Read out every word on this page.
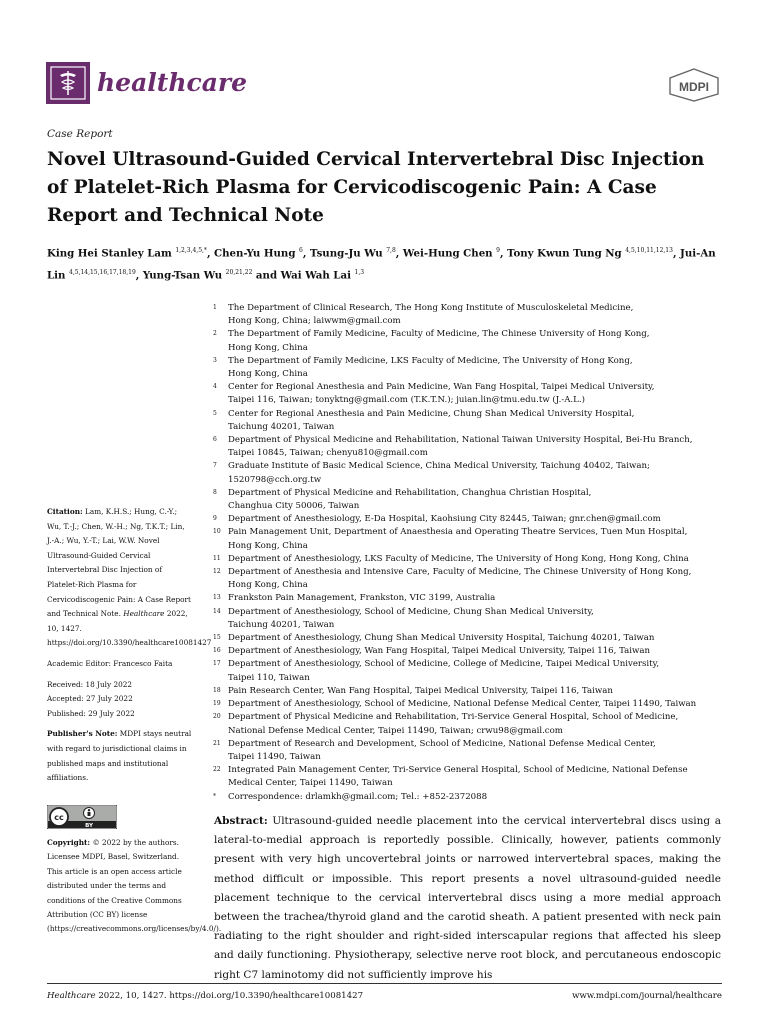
healthcare	MDPI
Case Report
Novel Ultrasound-Guided Cervical Intervertebral Disc Injection of Platelet-Rich Plasma for Cervicodiscogenic Pain: A Case Report and Technical Note
King Hei Stanley Lam $^{1,2,3,4,5,*}$, Chen-Yu Hung $^6$, Tsung-Ju Wu $^{7,8}$, Wei-Hung Chen $^9$, Tony Kwun Tung Ng $^{4,5,10,11,12,13}$, Jui-An Lin $^{4,5,14,15,16,17,18,19}$, Yung-Tsan Wu $^{20,21,22}$ and Wai Wah Lai $^{1,3}$
1 The Department of Clinical Research, The Hong Kong Institute of Musculoskeletal Medicine,
Hong Kong, China; laiwwm@gmail.com
2 The Department of Family Medicine, Faculty of Medicine, The Chinese University of Hong Kong,
Hong Kong, China
3 The Department of Family Medicine, LKS Faculty of Medicine, The University of Hong Kong,
Hong Kong, China
4 Center for Regional Anesthesia and Pain Medicine, Wan Fang Hospital, Taipei Medical University,
Taipei 116, Taiwan; tonyktng@gmail.com (T.K.T.N.); juian.lin@tmu.edu.tw (J.-A.L.)
5 Center for Regional Anesthesia and Pain Medicine, Chung Shan Medical University Hospital,
Taichung 40201, Taiwan
6 Department of Physical Medicine and Rehabilitation, National Taiwan University Hospital, Bei-Hu Branch,
Taipei 10845, Taiwan; chenyu810@gmail.com
7 Graduate Institute of Basic Medical Science, China Medical University, Taichung 40402, Taiwan;
1520798@cch.org.tw
8 Department of Physical Medicine and Rehabilitation, Changhua Christian Hospital,
Changhua City 50006, Taiwan
9 Department of Anesthesiology, E-Da Hospital, Kaohsiung City 82445, Taiwan; gnr.chen@gmail.com
10 Pain Management Unit, Department of Anaesthesia and Operating Theatre Services, Tuen Mun Hospital,
Hong Kong, China
11 Department of Anesthesiology, LKS Faculty of Medicine, The University of Hong Kong, Hong Kong, China
12 Department of Anesthesia and Intensive Care, Faculty of Medicine, The Chinese University of Hong Kong,
Hong Kong, China
13 Frankston Pain Management, Frankston, VIC 3199, Australia
14 Department of Anesthesiology, School of Medicine, Chung Shan Medical University,
Taichung 40201, Taiwan
15 Department of Anesthesiology, Chung Shan Medical University Hospital, Taichung 40201, Taiwan
16 Department of Anesthesiology, Wan Fang Hospital, Taipei Medical University, Taipei 116, Taiwan
17 Department of Anesthesiology, School of Medicine, College of Medicine, Taipei Medical University,
Taipei 110, Taiwan
18 Pain Research Center, Wan Fang Hospital, Taipei Medical University, Taipei 116, Taiwan
19 Department of Anesthesiology, School of Medicine, National Defense Medical Center, Taipei 11490, Taiwan
20 Department of Physical Medicine and Rehabilitation, Tri-Service General Hospital, School of Medicine,
National Defense Medical Center, Taipei 11490, Taiwan; crwu98@gmail.com
21 Department of Research and Development, School of Medicine, National Defense Medical Center,
Taipei 11490, Taiwan
22 Integrated Pain Management Center, Tri-Service General Hospital, School of Medicine, National Defense
Medical Center, Taipei 11490, Taiwan
* Correspondence: drlamkh@gmail.com; Tel.: +852-2372088
Citation: Lam, K.H.S.; Hung, C.-Y.; Wu, T.-J.; Chen, W.-H.; Ng, T.K.T.; Lin, J.-A.; Wu, Y.-T.; Lai, W.W. Novel Ultrasound-Guided Cervical Intervertebral Disc Injection of Platelet-Rich Plasma for Cervicodiscogenic Pain: A Case Report and Technical Note. Healthcare 2022, 10, 1427. https://doi.org/10.3390/healthcare10081427
Academic Editor: Francesco Faita
Received: 18 July 2022
Accepted: 27 July 2022
Published: 29 July 2022
Publisher's Note: MDPI stays neutral with regard to jurisdictional claims in published maps and institutional affiliations.
cc
BY
Copyright: © 2022 by the authors. Licensee MDPI, Basel, Switzerland. This article is an open access article distributed under the terms and conditions of the Creative Commons Attribution (CC BY) license (https://creativecommons.org/licenses/by/4.0/).
Abstract: Ultrasound-guided needle placement into the cervical intervertebral discs using a lateral-to-medial approach is reportedly possible. Clinically, however, patients commonly present with very high uncovertebral joints or narrowed intervertebral spaces, making the method difficult or impossible. This report presents a novel ultrasound-guided needle placement technique to the cervical intervertebral discs using a more medial approach between the trachea/thyroid gland and the carotid sheath. A patient presented with neck pain radiating to the right shoulder and right-sided interscapular regions that affected his sleep and daily functioning. Physiotherapy, selective nerve root block, and percutaneous endoscopic right C7 laminotomy did not sufficiently improve his
Healthcare 2022, 10, 1427. https://doi.org/10.3390/healthcare10081427	www.mdpi.com/journal/healthcare
